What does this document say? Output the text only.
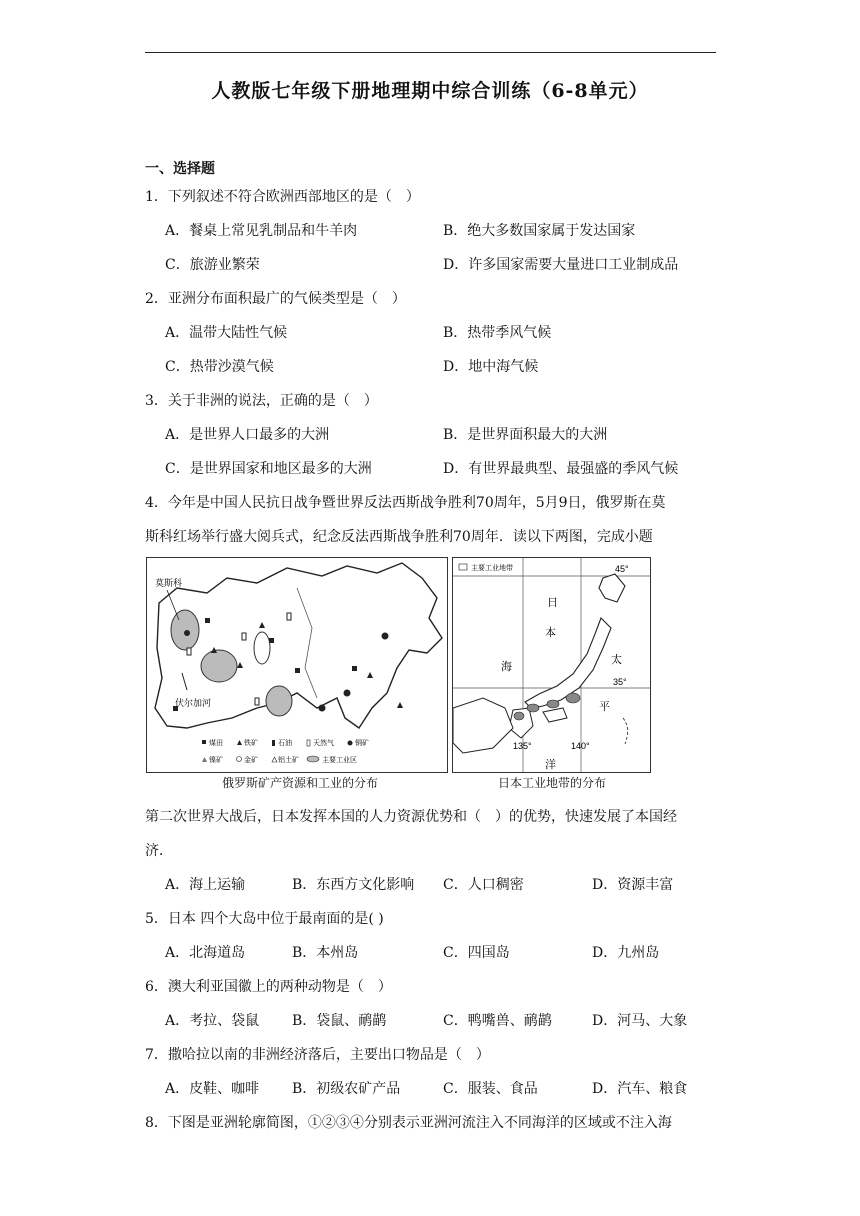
人教版七年级下册地理期中综合训练（6-8单元）
一、选择题
1．下列叙述不符合欧洲西部地区的是（　）
A．餐桌上常见乳制品和牛羊肉	B．绝大多数国家属于发达国家
C．旅游业繁荣	D．许多国家需要大量进口工业制成品
2．亚洲分布面积最广的气候类型是（　）
A．温带大陆性气候	B．热带季风气候
C．热带沙漠气候	D．地中海气候
3．关于非洲的说法，正确的是（　）
A．是世界人口最多的大洲	B．是世界面积最大的大洲
C．是世界国家和地区最多的大洲	D．有世界最典型、最强盛的季风气候
4．今年是中国人民抗日战争暨世界反法西斯战争胜利70周年，5月9日，俄罗斯在莫
斯科红场举行盛大阅兵式，纪念反法西斯战争胜利70周年．读以下两图，完成小题
莫斯科
伏尔加河
煤田	铁矿	石油	天然气	铜矿
镍矿	金矿	铝土矿	主要工业区
俄罗斯矿产资源和工业的分布
主要工业地带	45°
35°
135°	140°
日
本
海
太
平
洋
日本工业地带的分布
第二次世界大战后，日本发挥本国的人力资源优势和（　）的优势，快速发展了本国经
济．
A．海上运输	B．东西方文化影响 C．人口稠密	D．资源丰富
5．日本 四个大岛中位于最南面的是( )
A．北海道岛	B．本州岛	C．四国岛	D．九州岛
6．澳大利亚国徽上的两种动物是（　）
A．考拉、袋鼠 B．袋鼠、鸸鹋	C．鸭嘴兽、鸸鹋	D．河马、大象
7．撒哈拉以南的非洲经济落后，主要出口物品是（　）
A．皮鞋、咖啡 B．初级农矿产品	C．服装、食品	D．汽车、粮食
8．下图是亚洲轮廓简图，①②③④分别表示亚洲河流注入不同海洋的区域或不注入海
